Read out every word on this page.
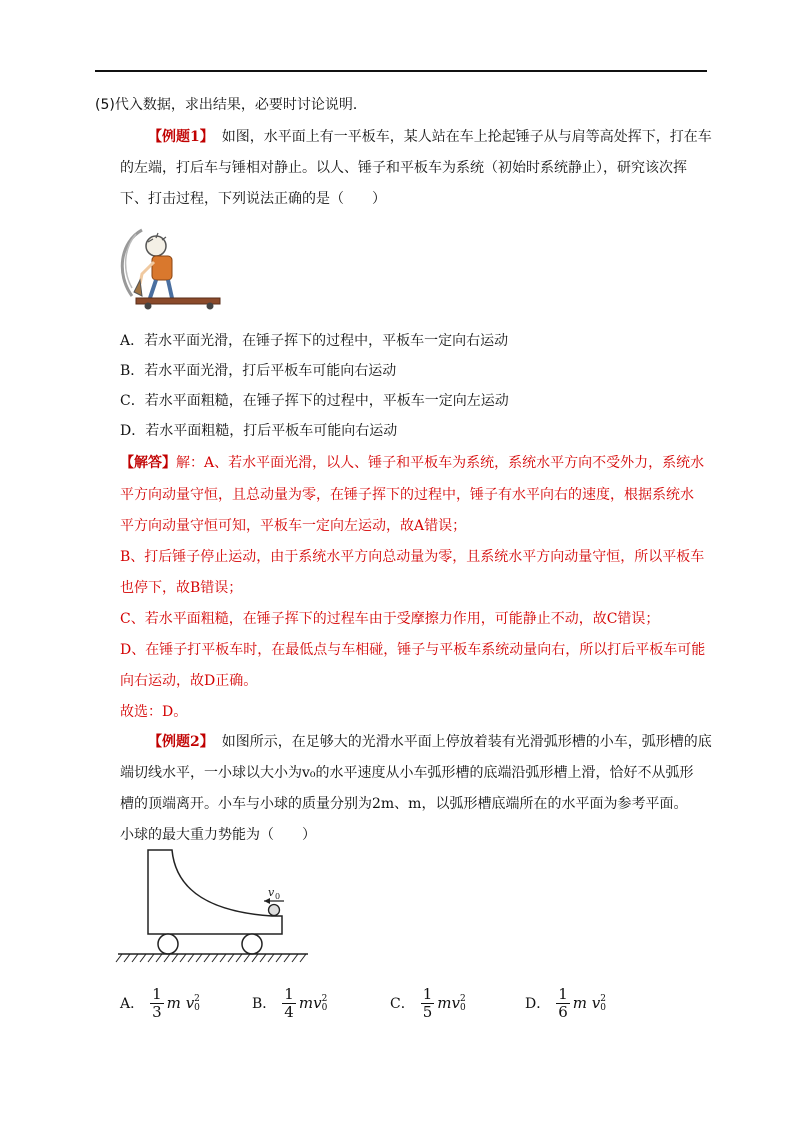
(5)代入数据，求出结果，必要时讨论说明．
【例题1】 如图，水平面上有一平板车，某人站在车上抡起锤子从与肩等高处挥下，打在车
的左端，打后车与锤相对静止。以人、锤子和平板车为系统（初始时系统静止），研究该次挥
下、打击过程，下列说法正确的是（　　）
A．若水平面光滑，在锤子挥下的过程中，平板车一定向右运动
B．若水平面光滑，打后平板车可能向右运动
C．若水平面粗糙，在锤子挥下的过程中，平板车一定向左运动
D．若水平面粗糙，打后平板车可能向右运动
【解答】解：A、若水平面光滑，以人、锤子和平板车为系统，系统水平方向不受外力，系统水
平方向动量守恒，且总动量为零，在锤子挥下的过程中，锤子有水平向右的速度，根据系统水
平方向动量守恒可知，平板车一定向左运动，故A错误；
B、打后锤子停止运动，由于系统水平方向总动量为零，且系统水平方向动量守恒，所以平板车
也停下，故B错误；
C、若水平面粗糙，在锤子挥下的过程车由于受摩擦力作用，可能静止不动，故C错误；
D、在锤子打平板车时，在最低点与车相碰，锤子与平板车系统动量向右，所以打后平板车可能
向右运动，故D正确。
故选：D。
【例题2】 如图所示，在足够大的光滑水平面上停放着装有光滑弧形槽的小车，弧形槽的底
端切线水平，一小球以大小为v₀的水平速度从小车弧形槽的底端沿弧形槽上滑，恰好不从弧形
槽的顶端离开。小车与小球的质量分别为2m、m，以弧形槽底端所在的水平面为参考平面。
小球的最大重力势能为（　　）
v 0
A． $\frac{1}{3}$ m v 2
0	B． $\frac{1}{4}$ mv 2
0	C． $\frac{1}{5}$ mv 2
0	D． $\frac{1}{6}$ m v 2
0
